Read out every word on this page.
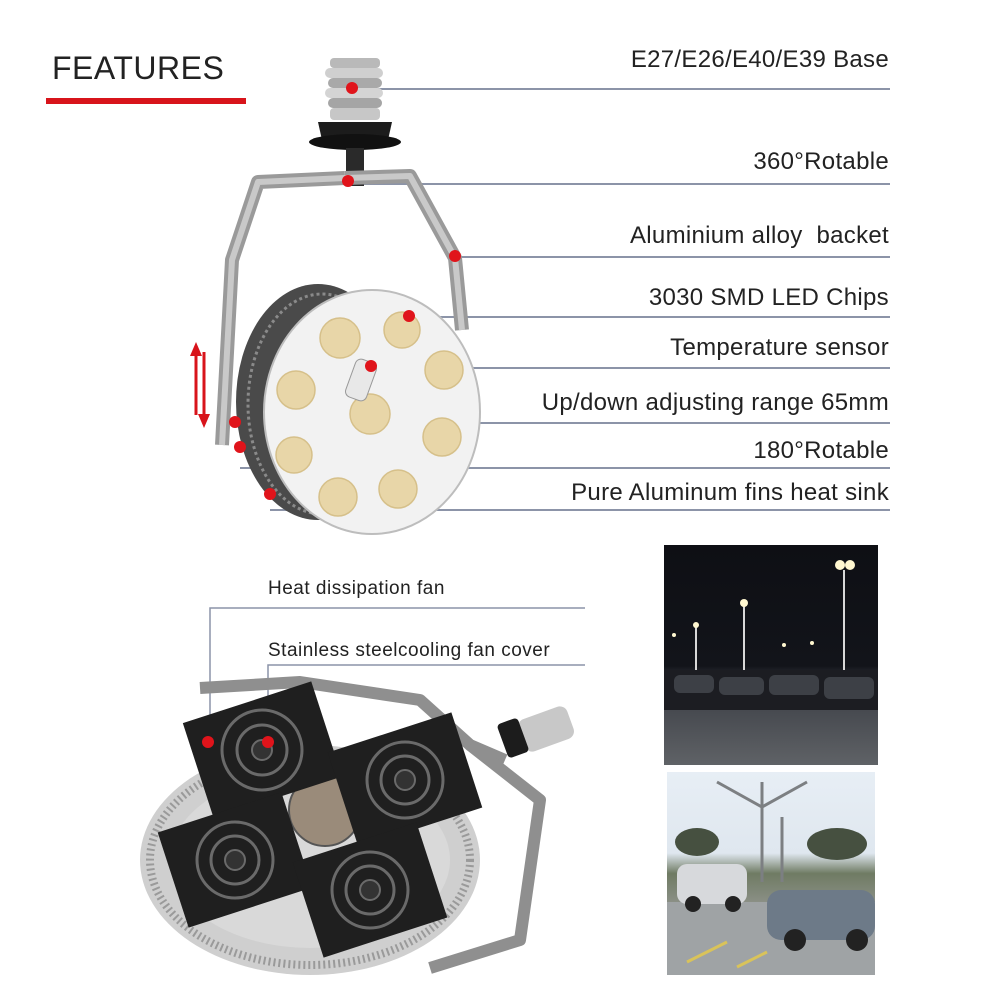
FEATURES	E27/E26/E40/E39 Base
360°Rotable
Aluminium alloy  backet
3030 SMD LED Chips
Temperature sensor
Up/down adjusting range 65mm
180°Rotable
Pure Aluminum fins heat sink
Heat dissipation fan
Stainless steelcooling fan cover
